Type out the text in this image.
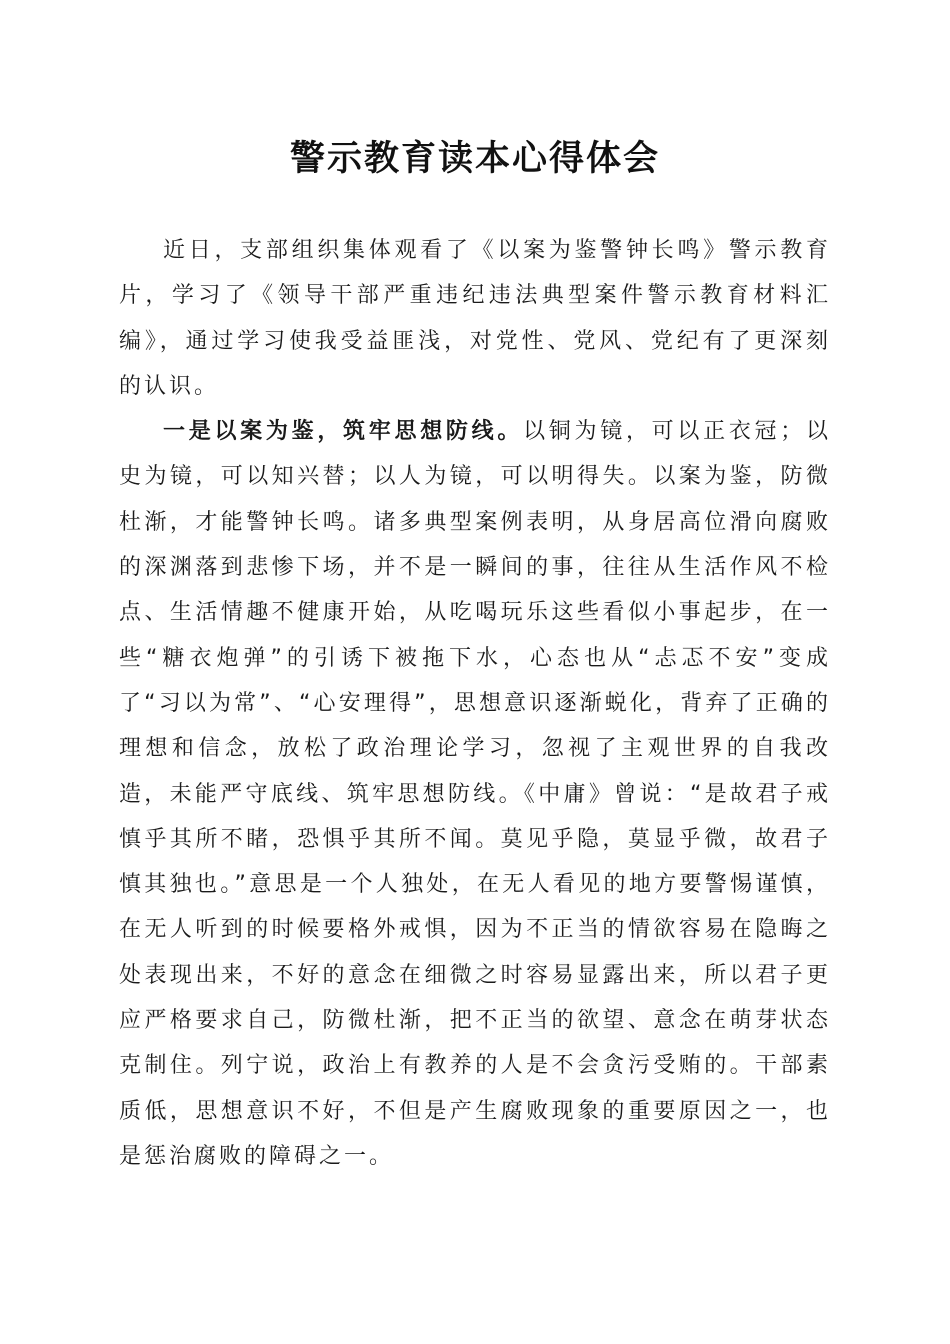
警示教育读本心得体会

近日，支部组织集体观看了《以案为鉴警钟长鸣》警示教育片，学习了《领导干部严重违纪违法典型案件警示教育材料汇编》，通过学习使我受益匪浅，对党性、党风、党纪有了更深刻的认识。

一是以案为鉴，筑牢思想防线。以铜为镜，可以正衣冠；以史为镜，可以知兴替；以人为镜，可以明得失。以案为鉴，防微杜渐，才能警钟长鸣。诸多典型案例表明，从身居高位滑向腐败的深渊落到悲惨下场，并不是一瞬间的事，往往从生活作风不检点、生活情趣不健康开始，从吃喝玩乐这些看似小事起步，在一些“糖衣炮弹”的引诱下被拖下水，心态也从“忐忑不安”变成了“习以为常”、“心安理得”，思想意识逐渐蜕化，背弃了正确的理想和信念，放松了政治理论学习，忽视了主观世界的自我改造，未能严守底线、筑牢思想防线。《中庸》曾说：“是故君子戒慎乎其所不睹，恐惧乎其所不闻。莫见乎隐，莫显乎微，故君子慎其独也。”意思是一个人独处，在无人看见的地方要警惕谨慎，在无人听到的时候要格外戒惧，因为不正当的情欲容易在隐晦之处表现出来，不好的意念在细微之时容易显露出来，所以君子更应严格要求自己，防微杜渐，把不正当的欲望、意念在萌芽状态克制住。列宁说，政治上有教养的人是不会贪污受贿的。干部素质低，思想意识不好，不但是产生腐败现象的重要原因之一，也是惩治腐败的障碍之一。
